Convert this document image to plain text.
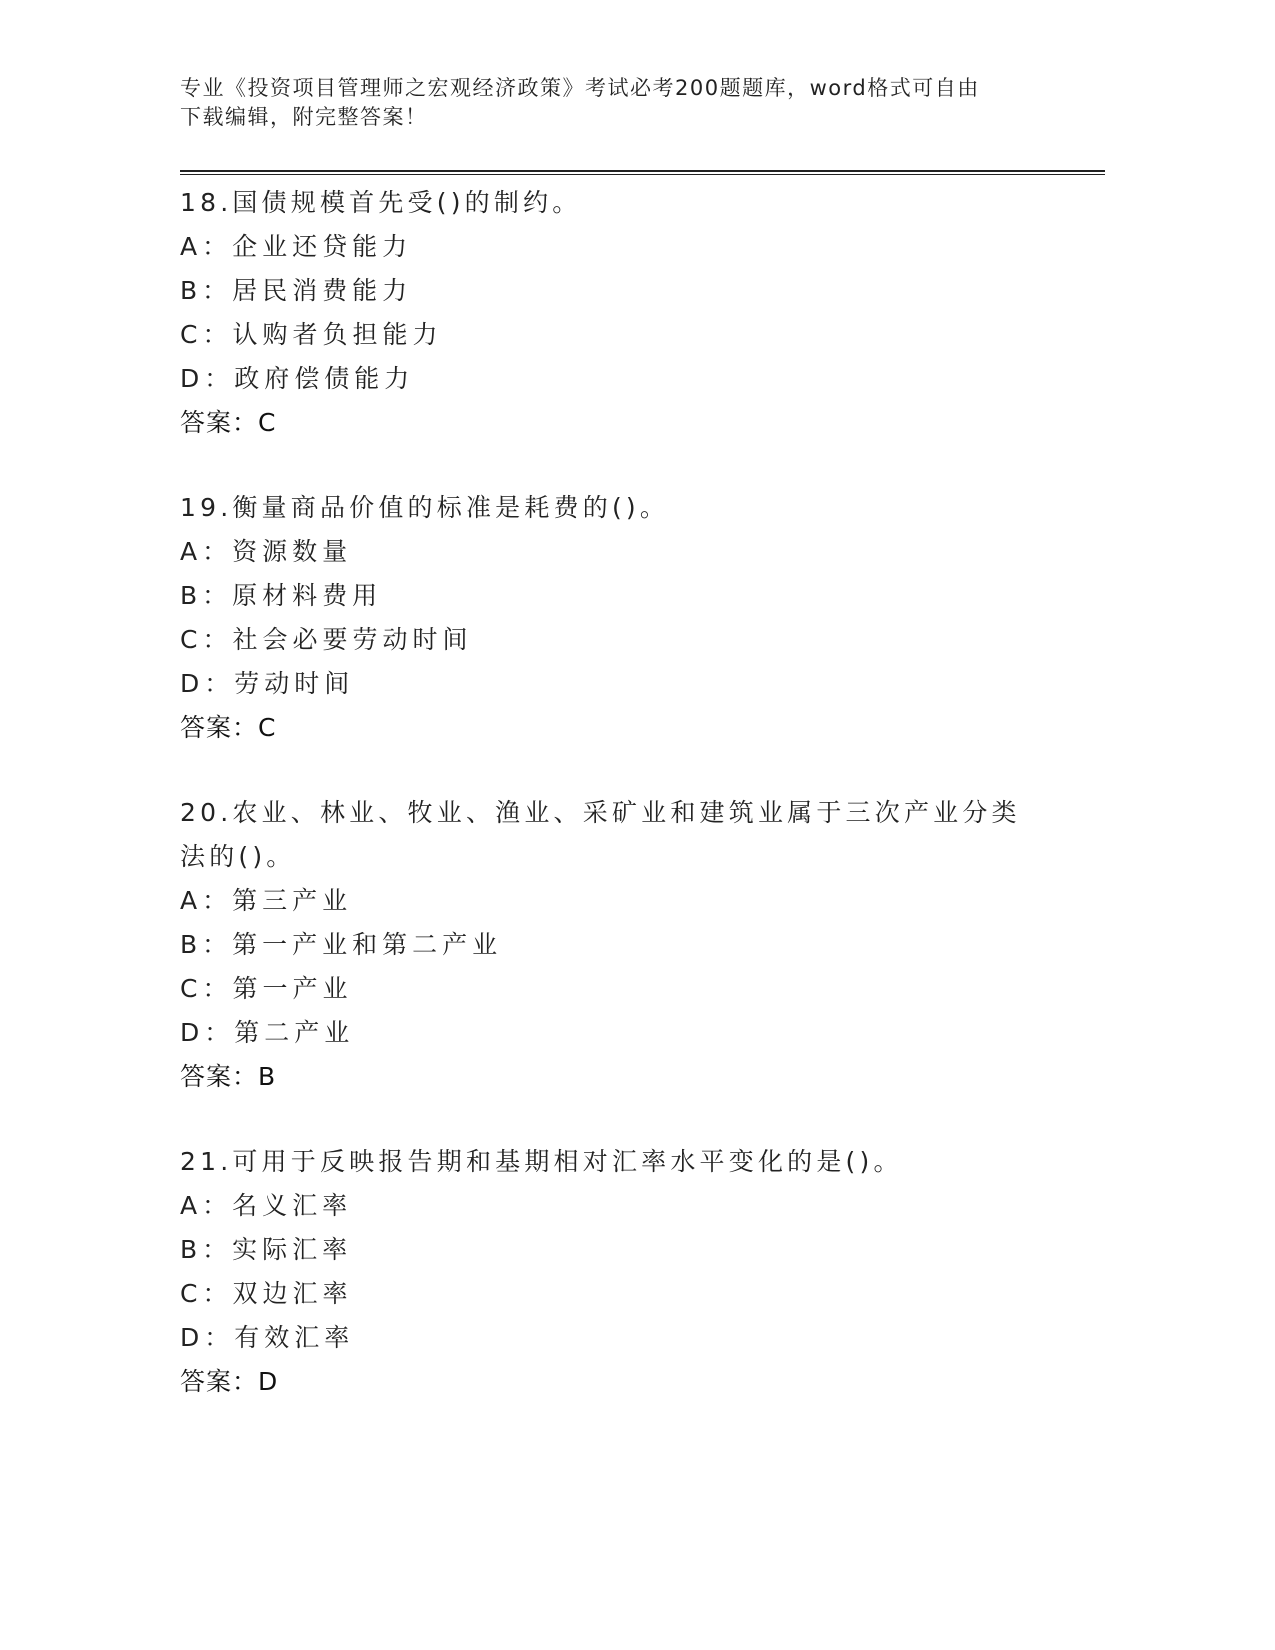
专业《投资项目管理师之宏观经济政策》考试必考200题题库，word格式可自由
下载编辑，附完整答案！
18.国债规模首先受()的制约。
A：企业还贷能力
B：居民消费能力
C：认购者负担能力
D：政府偿债能力
答案：C
19.衡量商品价值的标准是耗费的()。
A：资源数量
B：原材料费用
C：社会必要劳动时间
D：劳动时间
答案：C
20.农业、林业、牧业、渔业、采矿业和建筑业属于三次产业分类法的()。
A：第三产业
B：第一产业和第二产业
C：第一产业
D：第二产业
答案：B
21.可用于反映报告期和基期相对汇率水平变化的是()。
A：名义汇率
B：实际汇率
C：双边汇率
D：有效汇率
答案：D
